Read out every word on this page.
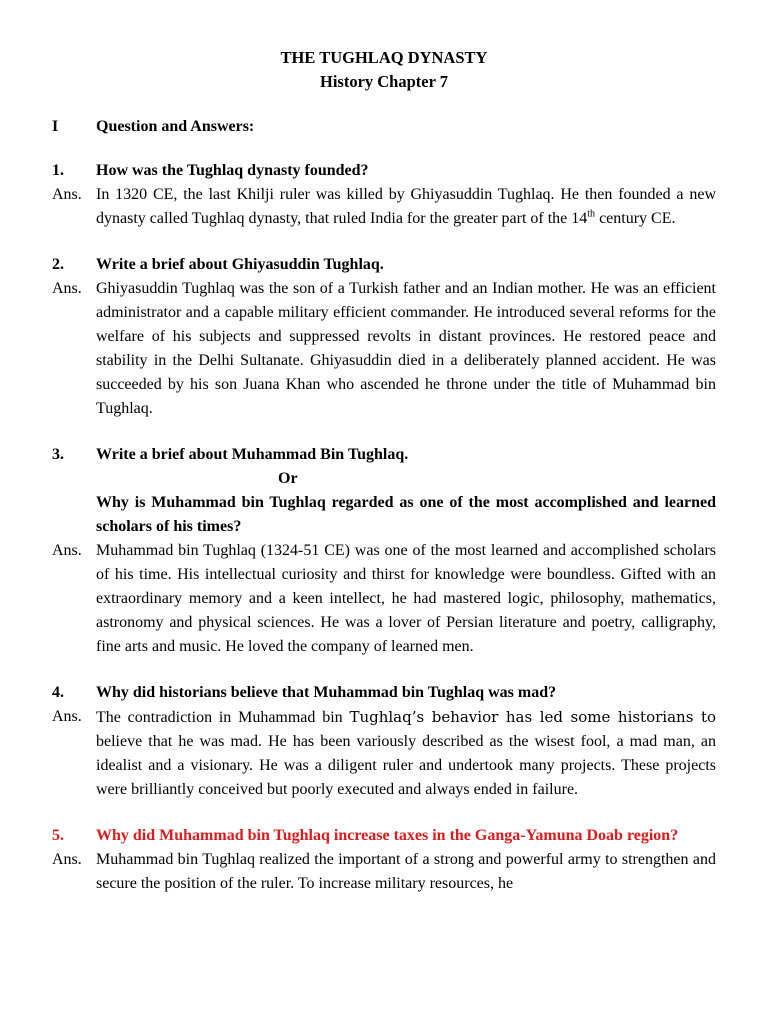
THE TUGHLAQ DYNASTY
History Chapter 7
I	Question and Answers:
1.	How was the Tughlaq dynasty founded?
Ans. In 1320 CE, the last Khilji ruler was killed by Ghiyasuddin Tughlaq. He then founded a new dynasty called Tughlaq dynasty, that ruled India for the greater part of the 14th century CE.
2.	Write a brief about Ghiyasuddin Tughlaq.
Ans. Ghiyasuddin Tughlaq was the son of a Turkish father and an Indian mother. He was an efficient administrator and a capable military efficient commander. He introduced several reforms for the welfare of his subjects and suppressed revolts in distant provinces. He restored peace and stability in the Delhi Sultanate. Ghiyasuddin died in a deliberately planned accident. He was succeeded by his son Juana Khan who ascended he throne under the title of Muhammad bin Tughlaq.
3.	Write a brief about Muhammad Bin Tughlaq.
Or
Why is Muhammad bin Tughlaq regarded as one of the most accomplished and learned scholars of his times?
Ans. Muhammad bin Tughlaq (1324-51 CE) was one of the most learned and accomplished scholars of his time. His intellectual curiosity and thirst for knowledge were boundless. Gifted with an extraordinary memory and a keen intellect, he had mastered logic, philosophy, mathematics, astronomy and physical sciences. He was a lover of Persian literature and poetry, calligraphy, fine arts and music. He loved the company of learned men.
4.	Why did historians believe that Muhammad bin Tughlaq was mad?
Ans. The contradiction in Muhammad bin Tughlaq’s behavior has led some historians to believe that he was mad. He has been variously described as the wisest fool, a mad man, an idealist and a visionary. He was a diligent ruler and undertook many projects. These projects were brilliantly conceived but poorly executed and always ended in failure.
5.	Why did Muhammad bin Tughlaq increase taxes in the Ganga-Yamuna Doab region?
Ans. Muhammad bin Tughlaq realized the important of a strong and powerful army to strengthen and secure the position of the ruler. To increase military resources, he
